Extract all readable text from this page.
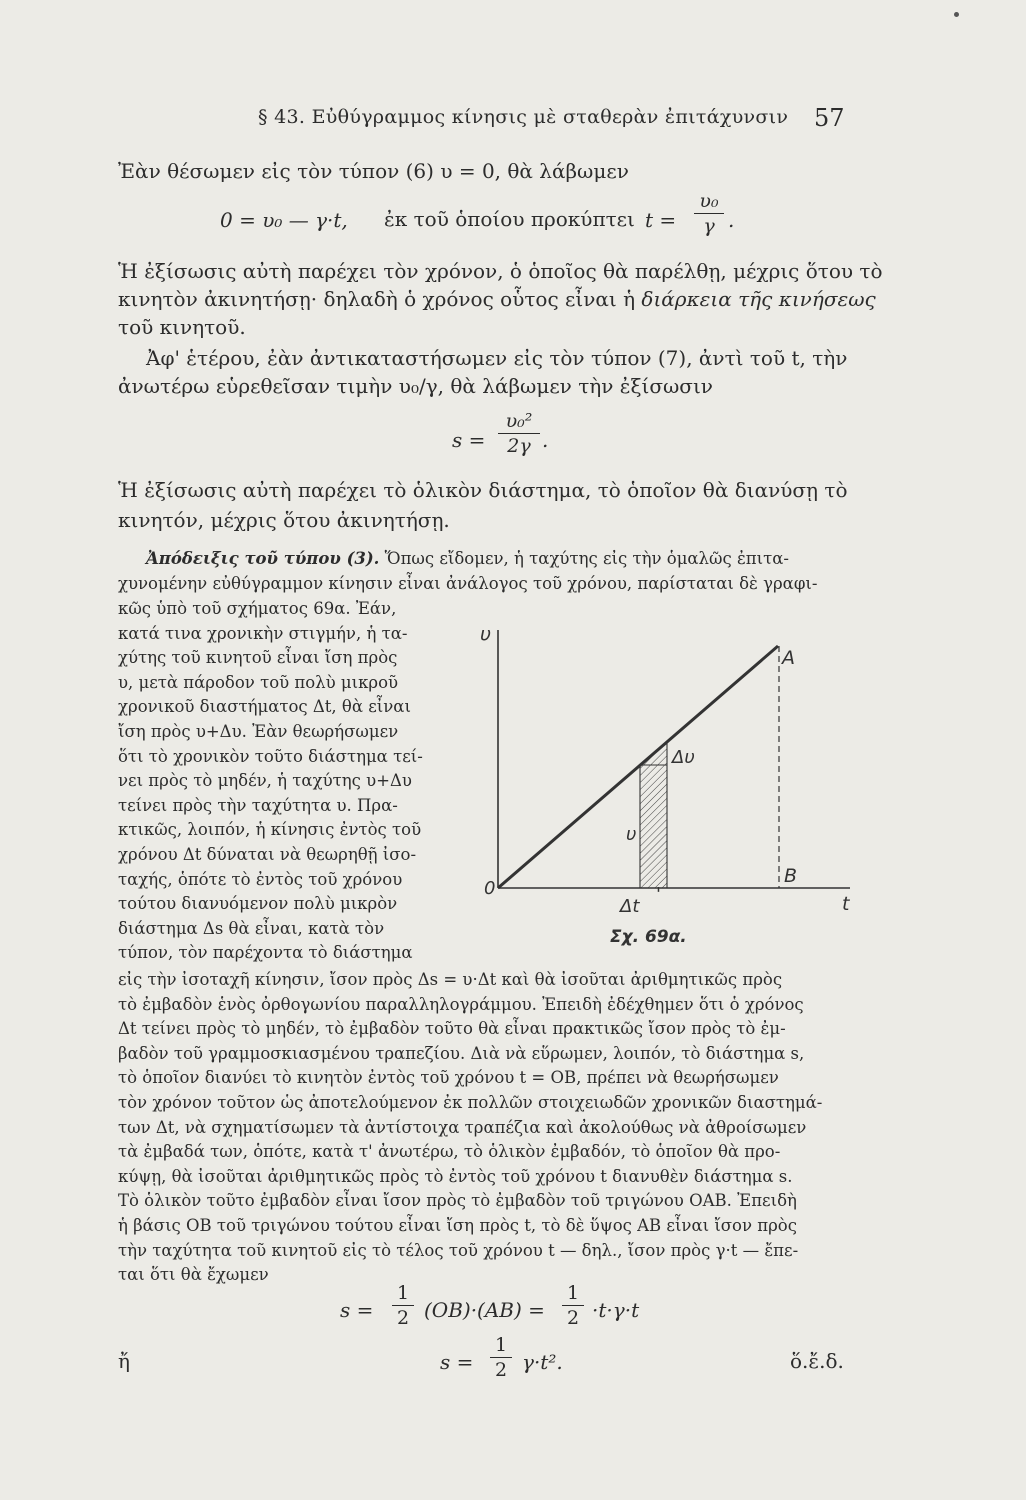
§ 43. Εὐθύγραμμος κίνησις μὲ σταθερὰν ἐπιτάχυνσιν 57
Ἐὰν θέσωμεν εἰς τὸν τύπον (6) υ = 0, θὰ λάβωμεν
0 = υ₀ — γ·t, ἐκ τοῦ ὁποίου προκύπτει t =
υ₀
γ .
Ἡ ἐξίσωσις αὐτὴ παρέχει τὸν χρόνον, ὁ ὁποῖος θὰ παρέλθῃ, μέχρις ὅτου τὸ
κινητὸν ἀκινητήσῃ· δηλαδὴ ὁ χρόνος οὗτος εἶναι ἡ διάρκεια τῆς κινήσεως
τοῦ κινητοῦ.
Ἀφ' ἑτέρου, ἐὰν ἀντικαταστήσωμεν εἰς τὸν τύπον (7), ἀντὶ τοῦ t, τὴν
ἀνωτέρω εὑρεθεῖσαν τιμὴν υ₀/γ, θὰ λάβωμεν τὴν ἐξίσωσιν
s =
υ₀²
2γ .
Ἡ ἐξίσωσις αὐτὴ παρέχει τὸ ὁλικὸν διάστημα, τὸ ὁποῖον θὰ διανύσῃ τὸ
κινητόν, μέχρις ὅτου ἀκινητήσῃ.
Ἀπόδειξις τοῦ τύπου (3). Ὅπως εἴδομεν, ἡ ταχύτης εἰς τὴν ὁμαλῶς ἐπιτα-
χυνομένην εὐθύγραμμον κίνησιν εἶναι ἀνάλογος τοῦ χρόνου, παρίσταται δὲ γραφι-
κῶς ὑπὸ τοῦ σχήματος 69α. Ἐάν,
κατά τινα χρονικὴν στιγμήν, ἡ τα-
χύτης τοῦ κινητοῦ εἶναι ἴση πρὸς
υ, μετὰ πάροδον τοῦ πολὺ μικροῦ
χρονικοῦ διαστήματος Δt, θὰ εἶναι
ἴση πρὸς υ+Δυ. Ἐὰν θεωρήσωμεν
ὅτι τὸ χρονικὸν τοῦτο διάστημα τεί-
νει πρὸς τὸ μηδέν, ἡ ταχύτης υ+Δυ
τείνει πρὸς τὴν ταχύτητα υ. Πρα-
κτικῶς, λοιπόν, ἡ κίνησις ἐντὸς τοῦ
χρόνου Δt δύναται νὰ θεωρηθῇ ἰσο-
ταχής, ὁπότε τὸ ἐντὸς τοῦ χρόνου
τούτου διανυόμενον πολὺ μικρὸν
διάστημα Δs θὰ εἶναι, κατὰ τὸν
τύπον, τὸν παρέχοντα τὸ διάστημα
εἰς τὴν ἰσοταχῆ κίνησιν, ἴσον πρὸς Δs = υ·Δt καὶ θὰ ἰσοῦται ἀριθμητικῶς πρὸς
τὸ ἐμβαδὸν ἑνὸς ὀρθογωνίου παραλληλογράμμου. Ἐπειδὴ ἐδέχθημεν ὅτι ὁ χρόνος
Δt τείνει πρὸς τὸ μηδέν, τὸ ἐμβαδὸν τοῦτο θὰ εἶναι πρακτικῶς ἴσον πρὸς τὸ ἐμ-
βαδὸν τοῦ γραμμοσκιασμένου τραπεζίου. Διὰ νὰ εὕρωμεν, λοιπόν, τὸ διάστημα s,
τὸ ὁποῖον διανύει τὸ κινητὸν ἐντὸς τοῦ χρόνου t = OB, πρέπει νὰ θεωρήσωμεν
τὸν χρόνον τοῦτον ὡς ἀποτελούμενον ἐκ πολλῶν στοιχειωδῶν χρονικῶν διαστημά-
των Δt, νὰ σχηματίσωμεν τὰ ἀντίστοιχα τραπέζια καὶ ἀκολούθως νὰ ἀθροίσωμεν
τὰ ἐμβαδά των, ὁπότε, κατὰ τ' ἀνωτέρω, τὸ ὁλικὸν ἐμβαδόν, τὸ ὁποῖον θὰ προ-
κύψῃ, θὰ ἰσοῦται ἀριθμητικῶς πρὸς τὸ ἐντὸς τοῦ χρόνου t διανυθὲν διάστημα s.
Τὸ ὁλικὸν τοῦτο ἐμβαδὸν εἶναι ἴσον πρὸς τὸ ἐμβαδὸν τοῦ τριγώνου OAB. Ἐπειδὴ
ἡ βάσις OB τοῦ τριγώνου τούτου εἶναι ἴση πρὸς t, τὸ δὲ ὕψος AB εἶναι ἴσον πρὸς
τὴν ταχύτητα τοῦ κινητοῦ εἰς τὸ τέλος τοῦ χρόνου t — δηλ., ἴσον πρὸς γ·t — ἔπε-
ται ὅτι θὰ ἔχωμεν
υ
A
Δυ
υ
0
Δt
'
B
t
Σχ. 69α.
s =
1
2 (OB)·(AB) =
1
2 ·t·γ·t
ἤ	s =
1
2 γ·t².	ὅ.ἔ.δ.
